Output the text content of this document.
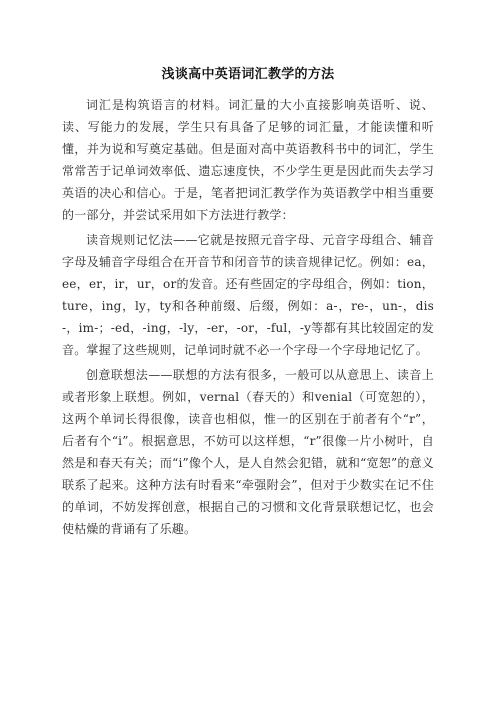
浅谈高中英语词汇教学的方法

词汇是构筑语言的材料。词汇量的大小直接影响英语听、说、读、写能力的发展，学生只有具备了足够的词汇量，才能读懂和听懂，并为说和写奠定基础。但是面对高中英语教科书中的词汇，学生常常苦于记单词效率低、遗忘速度快，不少学生更是因此而失去学习英语的决心和信心。于是，笔者把词汇教学作为英语教学中相当重要的一部分，并尝试采用如下方法进行教学：

读音规则记忆法——它就是按照元音字母、元音字母组合、辅音字母及辅音字母组合在开音节和闭音节的读音规律记忆。例如：ea，ee，er，ir，ur，or的发音。还有些固定的字母组合，例如：tion，ture，ing，ly，ty和各种前缀、后缀，例如：a-，re-，un-，dis-，im-；-ed，-ing，-ly，-er，-or，-ful，-y等都有其比较固定的发音。掌握了这些规则，记单词时就不必一个字母一个字母地记忆了。

创意联想法——联想的方法有很多，一般可以从意思上、读音上或者形象上联想。例如，vernal（春天的）和venial（可宽恕的），这两个单词长得很像，读音也相似，惟一的区别在于前者有个“r”，后者有个“i”。根据意思，不妨可以这样想，“r”很像一片小树叶，自然是和春天有关；而“i”像个人，是人自然会犯错，就和“宽恕”的意义联系了起来。这种方法有时看来“牵强附会”，但对于少数实在记不住的单词，不妨发挥创意，根据自己的习惯和文化背景联想记忆，也会使枯燥的背诵有了乐趣。
